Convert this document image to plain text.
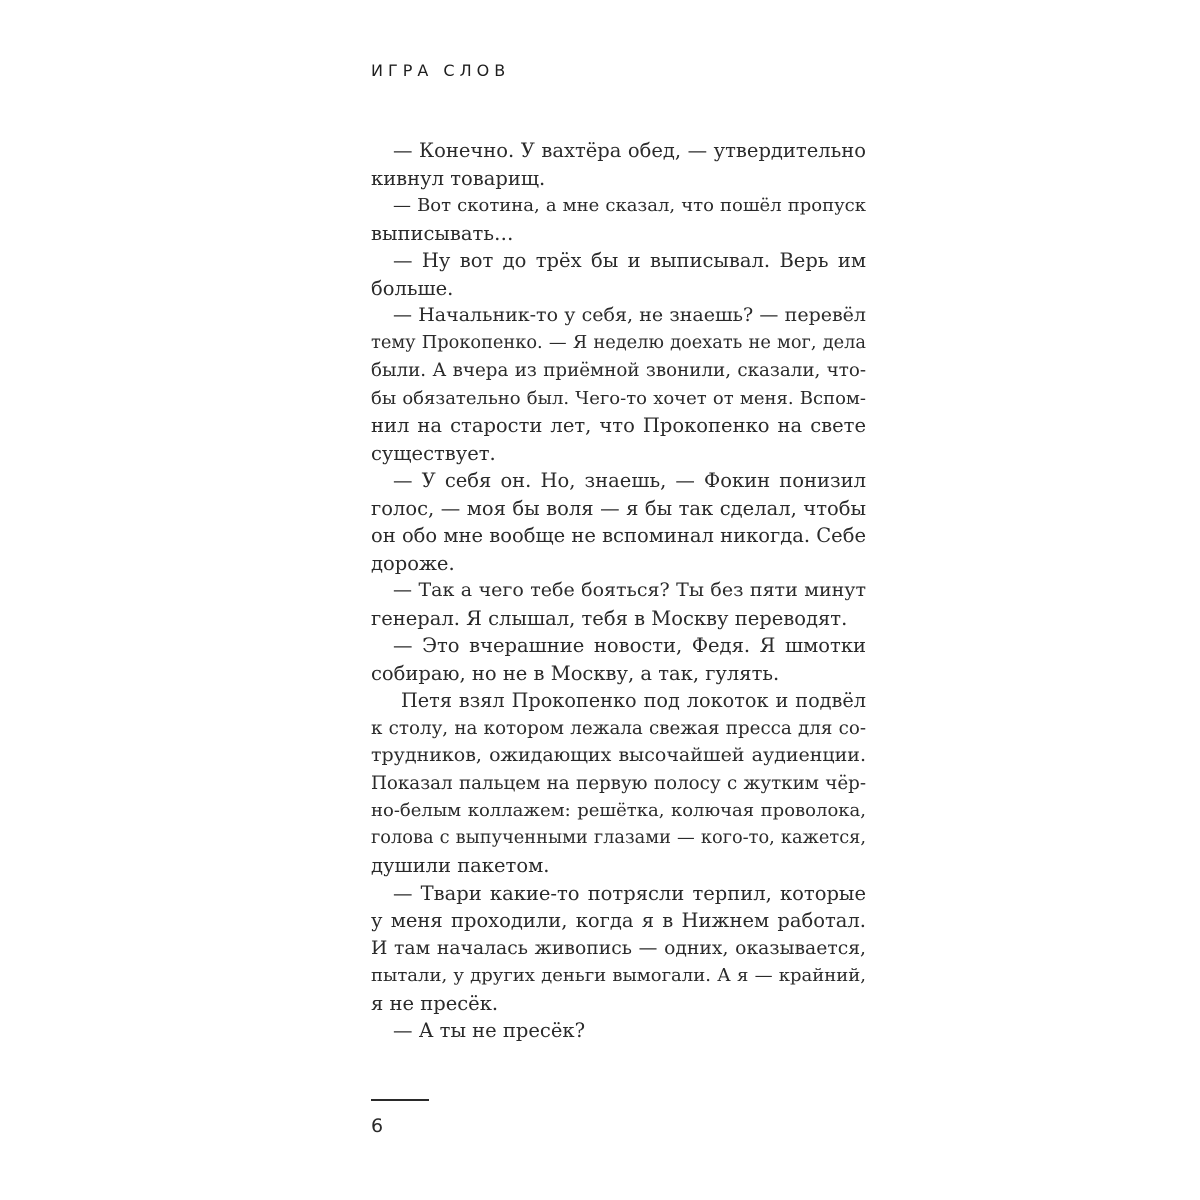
ИГРА СЛОВ
— Конечно. У вахтёра обед, — утвердительно
кивнул товарищ.
— Вот скотина, а мне сказал, что пошёл пропуск
выписывать…
— Ну вот до трёх бы и выписывал. Верь им
больше.
— Начальник-то у себя, не знаешь? — перевёл
тему Прокопенко. — Я неделю доехать не мог, дела
были. А вчера из приёмной звонили, сказали, что-
бы обязательно был. Чего-то хочет от меня. Вспом-
нил на старости лет, что Прокопенко на свете
существует.
— У себя он. Но, знаешь, — Фокин понизил
голос, — моя бы воля — я бы так сделал, чтобы
он обо мне вообще не вспоминал никогда. Себе
дороже.
— Так а чего тебе бояться? Ты без пяти минут
генерал. Я слышал, тебя в Москву переводят.
— Это вчерашние новости, Федя. Я шмотки
собираю, но не в Москву, а так, гулять.
Петя взял Прокопенко под локоток и подвёл
к столу, на котором лежала свежая пресса для со-
трудников, ожидающих высочайшей аудиенции.
Показал пальцем на первую полосу с жутким чёр-
но-белым коллажем: решётка, колючая проволока,
голова с выпученными глазами — кого-то, кажется,
душили пакетом.
— Твари какие-то потрясли терпил, которые
у меня проходили, когда я в Нижнем работал.
И там началась живопись — одних, оказывается,
пытали, у других деньги вымогали. А я — крайний,
я не пресёк.
— А ты не пресёк?
6
